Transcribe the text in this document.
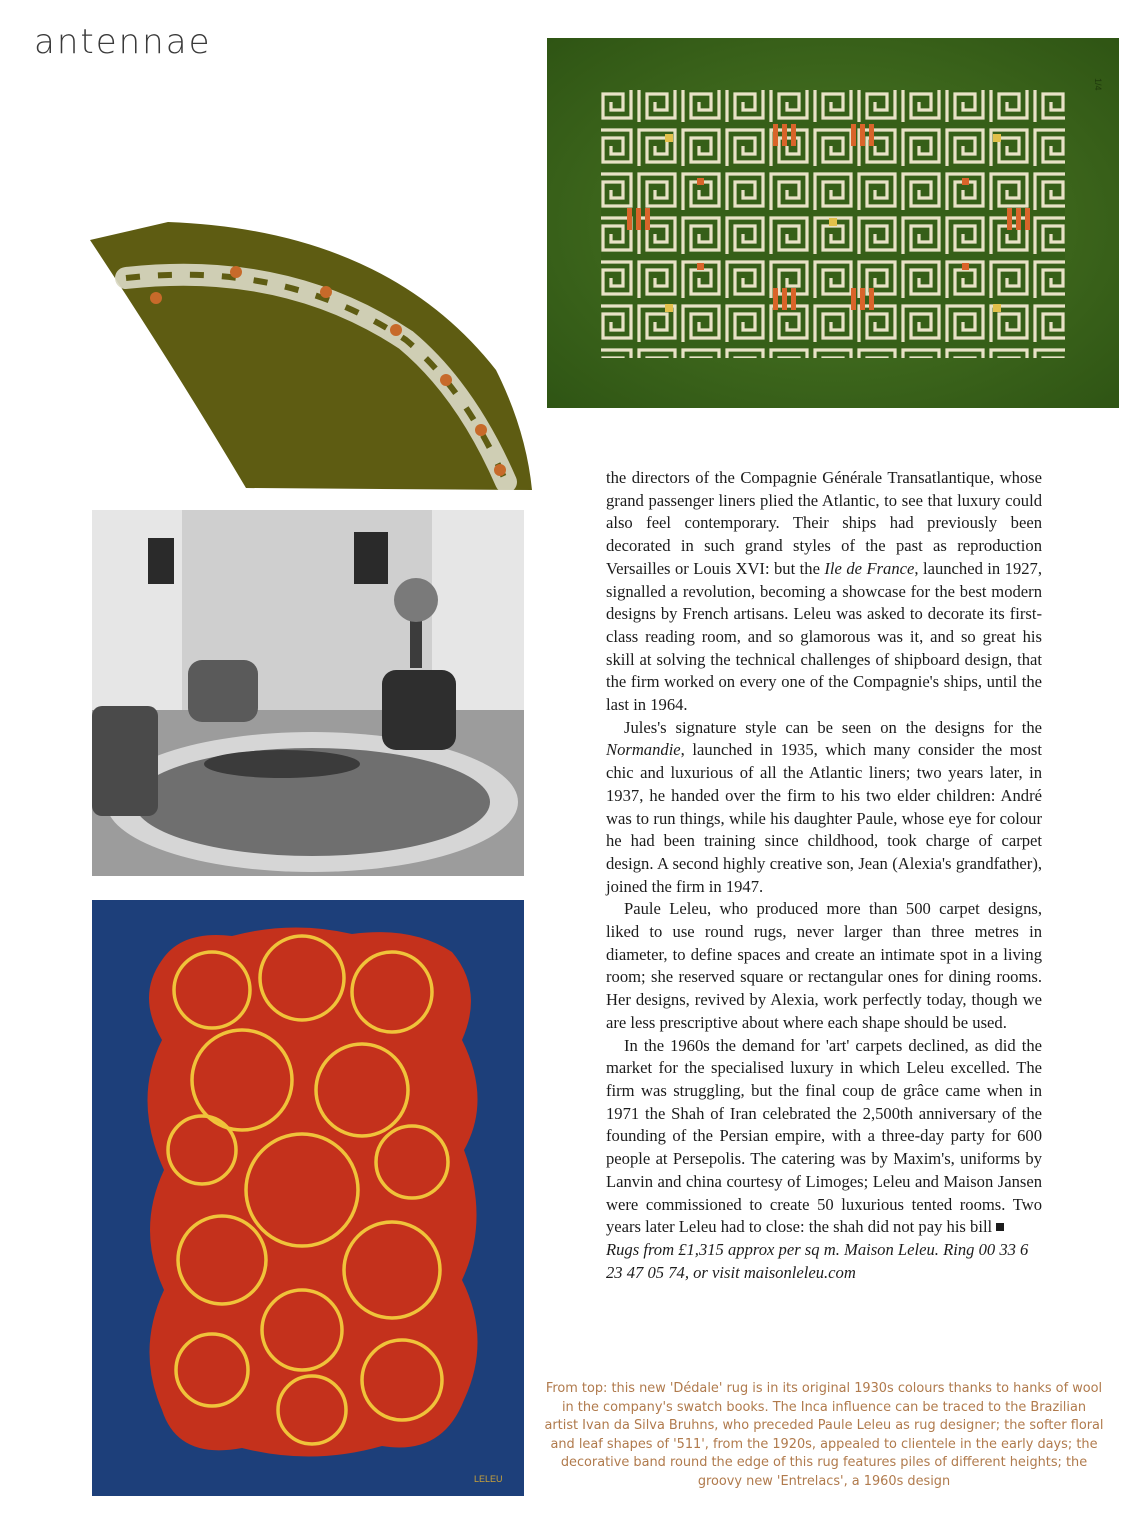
antennae
1/4
LELEU

the directors of the Compagnie Générale Transatlantique, whose grand passenger liners plied the Atlantic, to see that luxury could also feel contemporary. Their ships had previously been decorated in such grand styles of the past as reproduction Versailles or Louis XVI: but the Ile de France, launched in 1927, signalled a revolution, becoming a showcase for the best modern designs by French artisans. Leleu was asked to decorate its first-class reading room, and so glamorous was it, and so great his skill at solving the technical challenges of shipboard design, that the firm worked on every one of the Compagnie's ships, until the last in 1964.

Jules's signature style can be seen on the designs for the Normandie, launched in 1935, which many consider the most chic and luxurious of all the Atlantic liners; two years later, in 1937, he handed over the firm to his two elder children: André was to run things, while his daughter Paule, whose eye for colour he had been training since childhood, took charge of carpet design. A second highly creative son, Jean (Alexia's grandfather), joined the firm in 1947.

Paule Leleu, who produced more than 500 carpet designs, liked to use round rugs, never larger than three metres in diameter, to define spaces and create an intimate spot in a living room; she reserved square or rectangular ones for dining rooms. Her designs, revived by Alexia, work perfectly today, though we are less prescriptive about where each shape should be used.

In the 1960s the demand for 'art' carpets declined, as did the market for the specialised luxury in which Leleu excelled. The firm was struggling, but the final coup de grâce came when in 1971 the Shah of Iran celebrated the 2,500th anniversary of the founding of the Persian empire, with a three-day party for 600 people at Persepolis. The catering was by Maxim's, uniforms by Lanvin and china courtesy of Limoges; Leleu and Maison Jansen were commissioned to create 50 luxurious tented rooms. Two years later Leleu had to close: the shah did not pay his bill

Rugs from £1,315 approx per sq m. Maison Leleu. Ring 00 33 6 23 47 05 74, or visit maisonleleu.com

From top: this new 'Dédale' rug is in its original 1930s colours thanks to hanks of wool in the company's swatch books. The Inca influence can be traced to the Brazilian artist Ivan da Silva Bruhns, who preceded Paule Leleu as rug designer; the softer floral and leaf shapes of '511', from the 1920s, appealed to clientele in the early days; the decorative band round the edge of this rug features piles of different heights; the groovy new 'Entrelacs', a 1960s design
